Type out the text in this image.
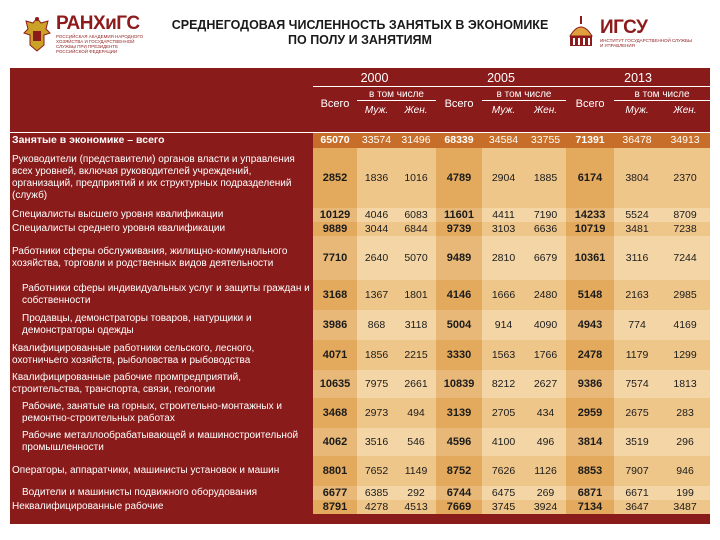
РАНХиГС
РОССИЙСКАЯ АКАДЕМИЯ НАРОДНОГО ХОЗЯЙСТВА И ГОСУДАРСТВЕННОЙ СЛУЖБЫ ПРИ ПРЕЗИДЕНТЕ РОССИЙСКОЙ ФЕДЕРАЦИИ
СРЕДНЕГОДОВАЯ ЧИСЛЕННОСТЬ ЗАНЯТЫХ В ЭКОНОМИКЕ
ПО ПОЛУ И ЗАНЯТИЯМ
ИГСУ
ИНСТИТУТ ГОСУДАРСТВЕННОЙ СЛУЖБЫ И УПРАВЛЕНИЯ
	2000			2005			2013		
	Всего	в том числе		Всего	в том числе		Всего	в том числе	
		Муж.	Жен.		Муж.	Жен.		Муж.	Жен.

Занятые в экономике – всего	65070	33574	31496	68339	34584	33755	71391	36478	34913
Руководители (представители) органов власти и управления всех уровней, включая руководителей учреждений, организаций, предприятий и их структурных подразделений (служб)	2852	1836	1016	4789	2904	1885	6174	3804	2370
Специалисты высшего уровня квалификации	10129	4046	6083	11601	4411	7190	14233	5524	8709
Специалисты среднего уровня квалификации	9889	3044	6844	9739	3103	6636	10719	3481	7238
Работники сферы обслуживания, жилищно-коммунального хозяйства, торговли и родственных видов деятельности	7710	2640	5070	9489	2810	6679	10361	3116	7244
Работники сферы индивидуальных услуг и защиты граждан и собственности	3168	1367	1801	4146	1666	2480	5148	2163	2985
Продавцы, демонстраторы товаров, натурщики и демонстраторы одежды	3986	868	3118	5004	914	4090	4943	774	4169
Квалифицированные работники сельского, лесного, охотничьего хозяйств, рыболовства и рыбоводства	4071	1856	2215	3330	1563	1766	2478	1179	1299
Квалифицированные рабочие промпредприятий, строительства, транспорта, связи, геологии	10635	7975	2661	10839	8212	2627	9386	7574	1813
Рабочие, занятые на горных, строительно-монтажных и ремонтно-строительных работах	3468	2973	494	3139	2705	434	2959	2675	283
Рабочие металлообрабатывающей и машиностроительной промышленности	4062	3516	546	4596	4100	496	3814	3519	296
Операторы, аппаратчики, машинисты установок и машин	8801	7652	1149	8752	7626	1126	8853	7907	946
Водители и машинисты подвижного оборудования	6677	6385	292	6744	6475	269	6871	6671	199
Неквалифицированные рабочие	8791	4278	4513	7669	3745	3924	7134	3647	3487
